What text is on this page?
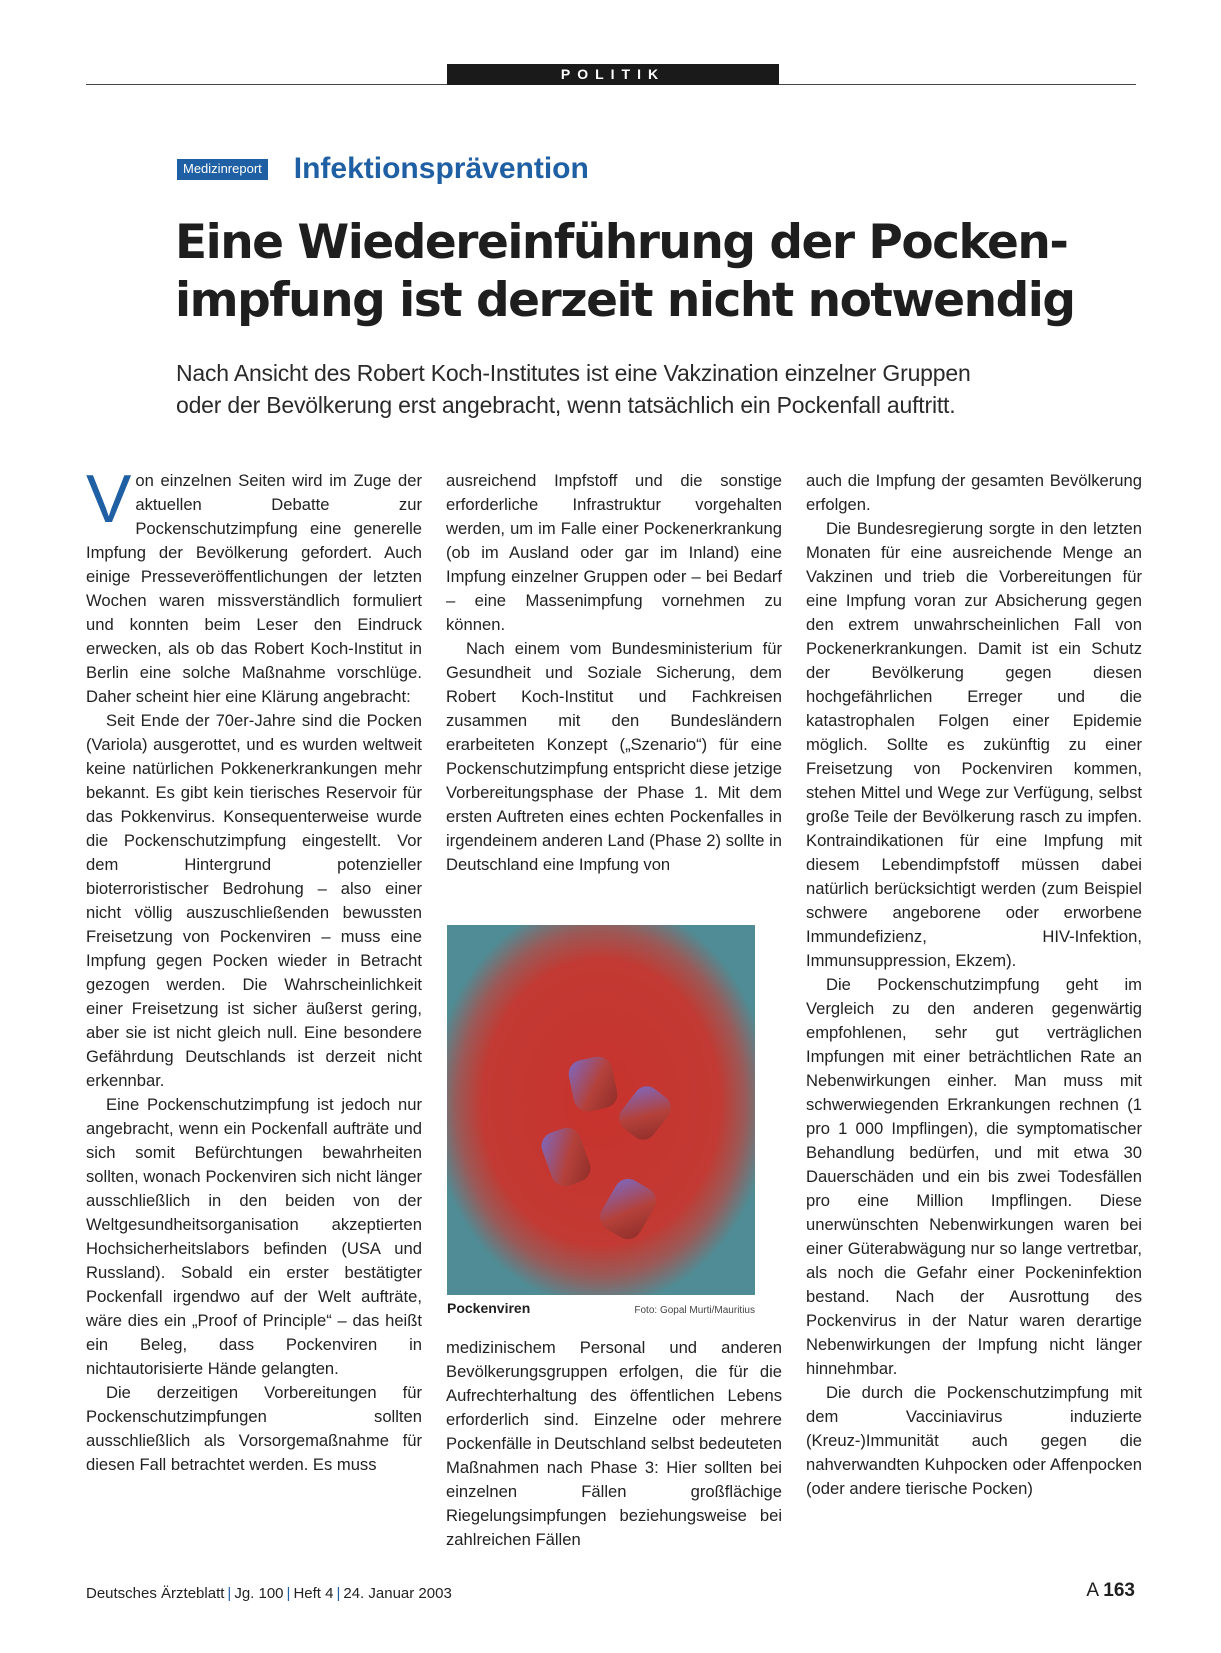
POLITIK
Medizinreport Infektionsprävention
Eine Wiedereinführung der Pocken-
impfung ist derzeit nicht notwendig

Nach Ansicht des Robert Koch-Institutes ist eine Vakzination einzelner Gruppen
oder der Bevölkerung erst angebracht, wenn tatsächlich ein Pockenfall auftritt.

Von einzelnen Seiten wird im Zuge der aktuellen Debatte zur Pockenschutzimpfung eine generelle Impfung der Bevölkerung gefordert. Auch einige Presseveröffentlichungen der letzten Wochen waren missverständlich formuliert und konnten beim Leser den Eindruck erwecken, als ob das Robert Koch-Institut in Berlin eine solche Maßnahme vorschlüge. Daher scheint hier eine Klärung angebracht:

Seit Ende der 70er-Jahre sind die Pocken (Variola) ausgerottet, und es wurden weltweit keine natürlichen Pokkenerkrankungen mehr bekannt. Es gibt kein tierisches Reservoir für das Pokkenvirus. Konsequenterweise wurde die Pockenschutzimpfung eingestellt. Vor dem Hintergrund potenzieller bioterroristischer Bedrohung – also einer nicht völlig auszuschließenden bewussten Freisetzung von Pockenviren – muss eine Impfung gegen Pocken wieder in Betracht gezogen werden. Die Wahrscheinlichkeit einer Freisetzung ist sicher äußerst gering, aber sie ist nicht gleich null. Eine besondere Gefährdung Deutschlands ist derzeit nicht erkennbar.

Eine Pockenschutzimpfung ist jedoch nur angebracht, wenn ein Pockenfall aufträte und sich somit Befürchtungen bewahrheiten sollten, wonach Pockenviren sich nicht länger ausschließlich in den beiden von der Weltgesundheitsorganisation akzeptierten Hochsicherheitslabors befinden (USA und Russland). Sobald ein erster bestätigter Pockenfall irgendwo auf der Welt aufträte, wäre dies ein „Proof of Principle“ – das heißt ein Beleg, dass Pockenviren in nichtautorisierte Hände gelangten.

Die derzeitigen Vorbereitungen für Pockenschutzimpfungen sollten ausschließlich als Vorsorgemaßnahme für diesen Fall betrachtet werden. Es muss

ausreichend Impfstoff und die sonstige erforderliche Infrastruktur vorgehalten werden, um im Falle einer Pockenerkrankung (ob im Ausland oder gar im Inland) eine Impfung einzelner Gruppen oder – bei Bedarf – eine Massenimpfung vornehmen zu können.

Nach einem vom Bundesministerium für Gesundheit und Soziale Sicherung, dem Robert Koch-Institut und Fachkreisen zusammen mit den Bundesländern erarbeiteten Konzept („Szenario“) für eine Pockenschutzimpfung entspricht diese jetzige Vorbereitungsphase der Phase 1. Mit dem ersten Auftreten eines echten Pockenfalles in irgendeinem anderen Land (Phase 2) sollte in Deutschland eine Impfung von

Pockenviren	Foto: Gopal Murti/Mauritius

medizinischem Personal und anderen Bevölkerungsgruppen erfolgen, die für die Aufrechterhaltung des öffentlichen Lebens erforderlich sind. Einzelne oder mehrere Pockenfälle in Deutschland selbst bedeuteten Maßnahmen nach Phase 3: Hier sollten bei einzelnen Fällen großflächige Riegelungsimpfungen beziehungsweise bei zahlreichen Fällen

auch die Impfung der gesamten Bevölkerung erfolgen.

Die Bundesregierung sorgte in den letzten Monaten für eine ausreichende Menge an Vakzinen und trieb die Vorbereitungen für eine Impfung voran zur Absicherung gegen den extrem unwahrscheinlichen Fall von Pockenerkrankungen. Damit ist ein Schutz der Bevölkerung gegen diesen hochgefährlichen Erreger und die katastrophalen Folgen einer Epidemie möglich. Sollte es zukünftig zu einer Freisetzung von Pockenviren kommen, stehen Mittel und Wege zur Verfügung, selbst große Teile der Bevölkerung rasch zu impfen. Kontraindikationen für eine Impfung mit diesem Lebendimpfstoff müssen dabei natürlich berücksichtigt werden (zum Beispiel schwere angeborene oder erworbene Immundefizienz, HIV-Infektion, Immunsuppression, Ekzem).

Die Pockenschutzimpfung geht im Vergleich zu den anderen gegenwärtig empfohlenen, sehr gut verträglichen Impfungen mit einer beträchtlichen Rate an Nebenwirkungen einher. Man muss mit schwerwiegenden Erkrankungen rechnen (1 pro 1 000 Impflingen), die symptomatischer Behandlung bedürfen, und mit etwa 30 Dauerschäden und ein bis zwei Todesfällen pro eine Million Impflingen. Diese unerwünschten Nebenwirkungen waren bei einer Güterabwägung nur so lange vertretbar, als noch die Gefahr einer Pockeninfektion bestand. Nach der Ausrottung des Pockenvirus in der Natur waren derartige Nebenwirkungen der Impfung nicht länger hinnehmbar.

Die durch die Pockenschutzimpfung mit dem Vacciniavirus induzierte (Kreuz-)Immunität auch gegen die nahverwandten Kuhpocken oder Affenpocken (oder andere tierische Pocken)

Deutsches Ärzteblatt | Jg. 100 | Heft 4 | 24. Januar 2003	A 163
